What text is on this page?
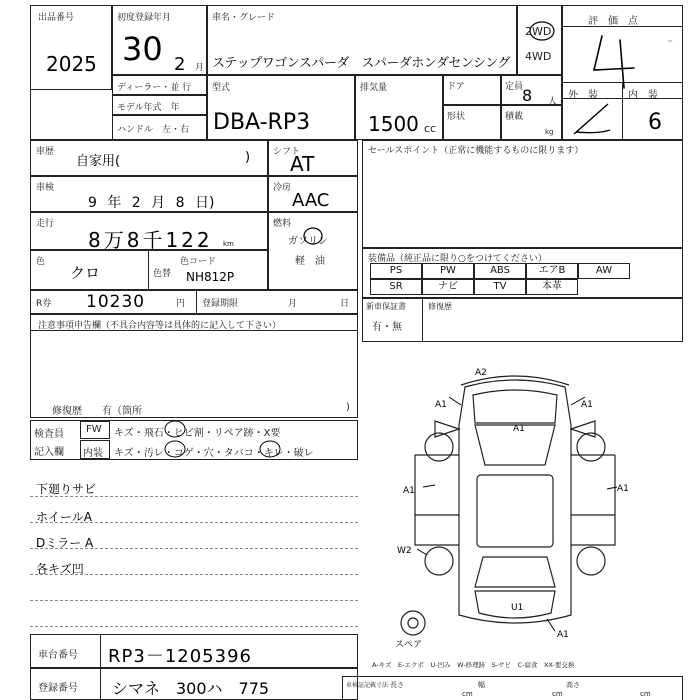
出品番号
2025
初度登録年月
30 2 月
ディーラー・並 行
モデル年式　年
ハンドル　左・右
車名・グレード
ステップワゴンスパーダ　スパーダホンダセンシング
2WD
4WD
型式
DBA-RP3
排気量
1500 cc
ドア	定員
8 人
形状	積載
kg
評　価　点
外　装	内　装
6
ｰ
車歴
自家用(	)
車検
9 年 2 月 8 日)
走行
8万8千122 km
色
クロ	色替
色コード
NH812P
シフト
AT
冷房
AAC
燃料
ガソリン
軽　油
R券 10230	円 登録期限	月	日
セールスポイント（正常に機能するものに限ります）
装備品（純正品に限り○をつけてください）
PS	PW	ABS	エアB	AW
SR	ナビ	TV	本革
新車保証書
有・無
修復歴
注意事項申告欄（不具合内容等は具体的に記入して下さい）
修復歴　　有（箇所	)
検査員
記入欄
FW キズ・飛石・ヒビ割・リペア跡・X要
内装 キズ・汚レ・コゲ・穴・タバコ・キレ・破レ
下廻りサビ
ホイールA
Dミラー A
各キズ凹
A2
A1
A1	A1
A1
W2
A1
U1
A1
スペア
A-キズ　E-エクボ　U-凹み　W-修理跡　S-サビ　C-腐食　XX-要交換
車台番号 RP3－1205396
登録番号 シマネ　300ハ　775	車検証記載寸法 長さ
cm
幅
cm
高さ
cm
